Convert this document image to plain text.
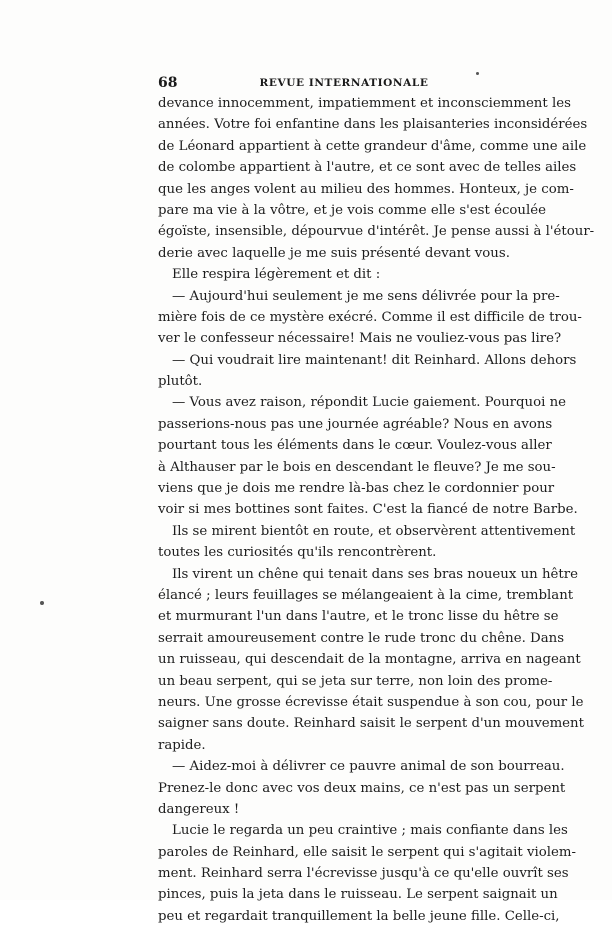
68	REVUE INTERNATIONALE
devance innocemment, impatiemment et inconsciemment les
années. Votre foi enfantine dans les plaisanteries inconsidérées
de Léonard appartient à cette grandeur d'âme, comme une aile
de colombe appartient à l'autre, et ce sont avec de telles ailes
que les anges volent au milieu des hommes. Honteux, je com-
pare ma vie à la vôtre, et je vois comme elle s'est écoulée
égoïste, insensible, dépourvue d'intérêt. Je pense aussi à l'étour-
derie avec laquelle je me suis présenté devant vous.
Elle respira légèrement et dit :
— Aujourd'hui seulement je me sens délivrée pour la pre-
mière fois de ce mystère exécré. Comme il est difficile de trou-
ver le confesseur nécessaire! Mais ne vouliez-vous pas lire?
— Qui voudrait lire maintenant! dit Reinhard. Allons dehors
plutôt.
— Vous avez raison, répondit Lucie gaiement. Pourquoi ne
passerions-nous pas une journée agréable? Nous en avons
pourtant tous les éléments dans le cœur. Voulez-vous aller
à Althauser par le bois en descendant le fleuve? Je me sou-
viens que je dois me rendre là-bas chez le cordonnier pour
voir si mes bottines sont faites. C'est la fiancé de notre Barbe.
Ils se mirent bientôt en route, et observèrent attentivement
toutes les curiosités qu'ils rencontrèrent.
Ils virent un chêne qui tenait dans ses bras noueux un hêtre
élancé ; leurs feuillages se mélangeaient à la cime, tremblant
et murmurant l'un dans l'autre, et le tronc lisse du hêtre se
serrait amoureusement contre le rude tronc du chêne. Dans
un ruisseau, qui descendait de la montagne, arriva en nageant
un beau serpent, qui se jeta sur terre, non loin des prome-
neurs. Une grosse écrevisse était suspendue à son cou, pour le
saigner sans doute. Reinhard saisit le serpent d'un mouvement
rapide.
— Aidez-moi à délivrer ce pauvre animal de son bourreau.
Prenez-le donc avec vos deux mains, ce n'est pas un serpent
dangereux !
Lucie le regarda un peu craintive ; mais confiante dans les
paroles de Reinhard, elle saisit le serpent qui s'agitait violem-
ment. Reinhard serra l'écrevisse jusqu'à ce qu'elle ouvrît ses
pinces, puis la jeta dans le ruisseau. Le serpent saignait un
peu et regardait tranquillement la belle jeune fille. Celle-ci,
